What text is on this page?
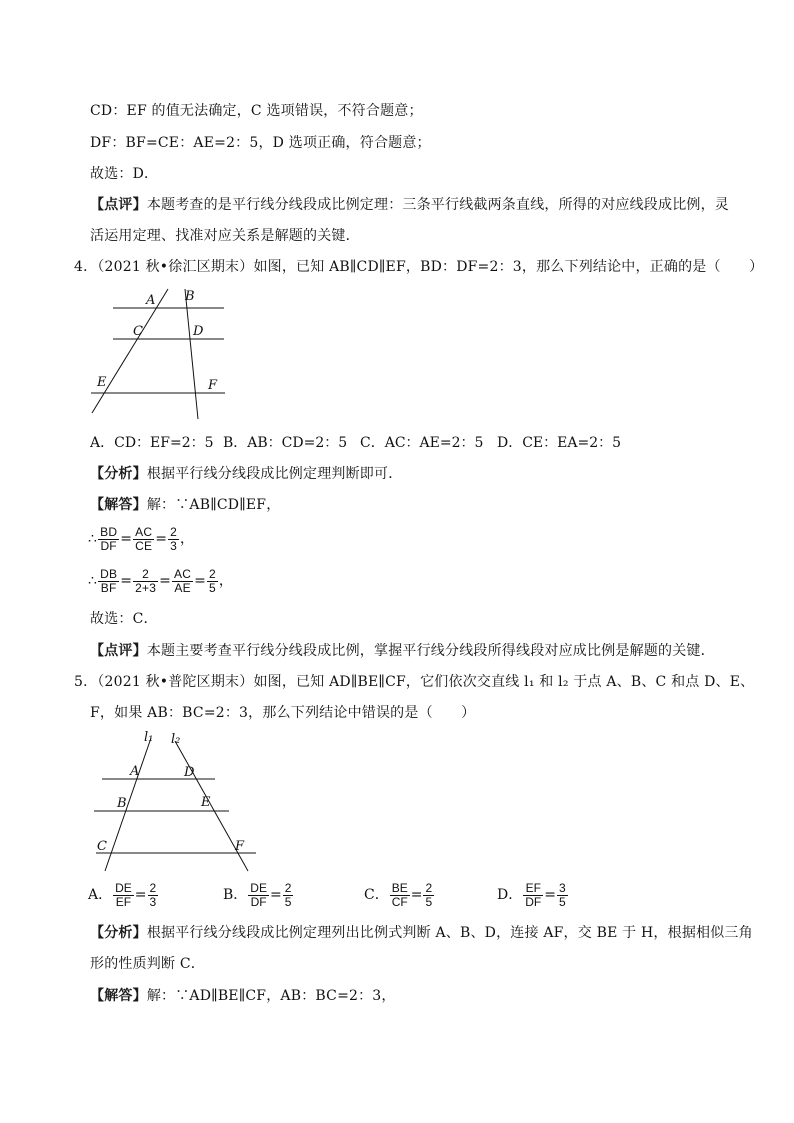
CD：EF 的值无法确定，C 选项错误，不符合题意；
DF：BF=CE：AE=2：5，D 选项正确，符合题意；
故选：D．
【点评】本题考查的是平行线分线段成比例定理：三条平行线截两条直线，所得的对应线段成比例，灵
活运用定理、找准对应关系是解题的关键．
4．（2021 秋•徐汇区期末）如图，已知 AB∥CD∥EF，BD：DF=2：3，那么下列结论中，正确的是（　　）
A B
C	D
E	F
A．CD：EF=2：5 B．AB：CD=2：5 C．AC：AE=2：5 D．CE：EA=2：5
【分析】根据平行线分线段成比例定理判断即可．
【解答】解：∵AB∥CD∥EF，
∴ $\frac{BD}{DF} = \frac{AC}{CE} = \frac{2}{3}$ ，
∴ $\frac{DB}{BF} = \frac{2}{2+3} = \frac{AC}{AE} = \frac{2}{5}$ ，
故选：C．
【点评】本题主要考查平行线分线段成比例，掌握平行线分线段所得线段对应成比例是解题的关键．
5．（2021 秋•普陀区期末）如图，已知 AD∥BE∥CF，它们依次交直线 l₁ 和 l₂ 于点 A、B、C 和点 D、E、
F，如果 AB：BC=2：3，那么下列结论中错误的是（　　）
l₁ l₂
A	D
B	E
C	F
A． $\frac{DE}{EF} = \frac{2}{3}$	B． $\frac{DE}{DF} = \frac{2}{5}$	C． $\frac{BE}{CF} = \frac{2}{5}$	D． $\frac{EF}{DF} = \frac{3}{5}$
【分析】根据平行线分线段成比例定理列出比例式判断 A、B、D，连接 AF，交 BE 于 H，根据相似三角
形的性质判断 C．
【解答】解：∵AD∥BE∥CF，AB：BC=2：3，
